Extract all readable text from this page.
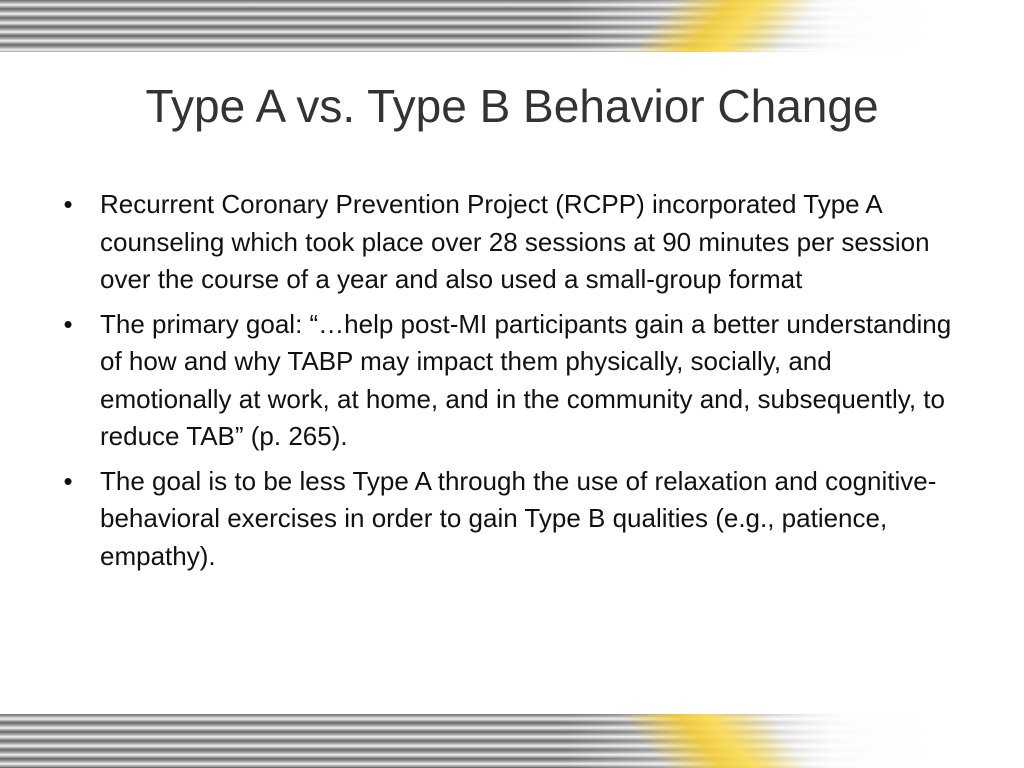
Type A vs. Type B Behavior Change
• Recurrent Coronary Prevention Project (RCPP) incorporated Type A counseling which took place over 28 sessions at 90 minutes per session over the course of a year and also used a small-group format
• The primary goal: “…help post-MI participants gain a better understanding of how and why TABP may impact them physically, socially, and emotionally at work, at home, and in the community and, subsequently, to reduce TAB” (p. 265).
• The goal is to be less Type A through the use of relaxation and cognitive-behavioral exercises in order to gain Type B qualities (e.g., patience, empathy).
